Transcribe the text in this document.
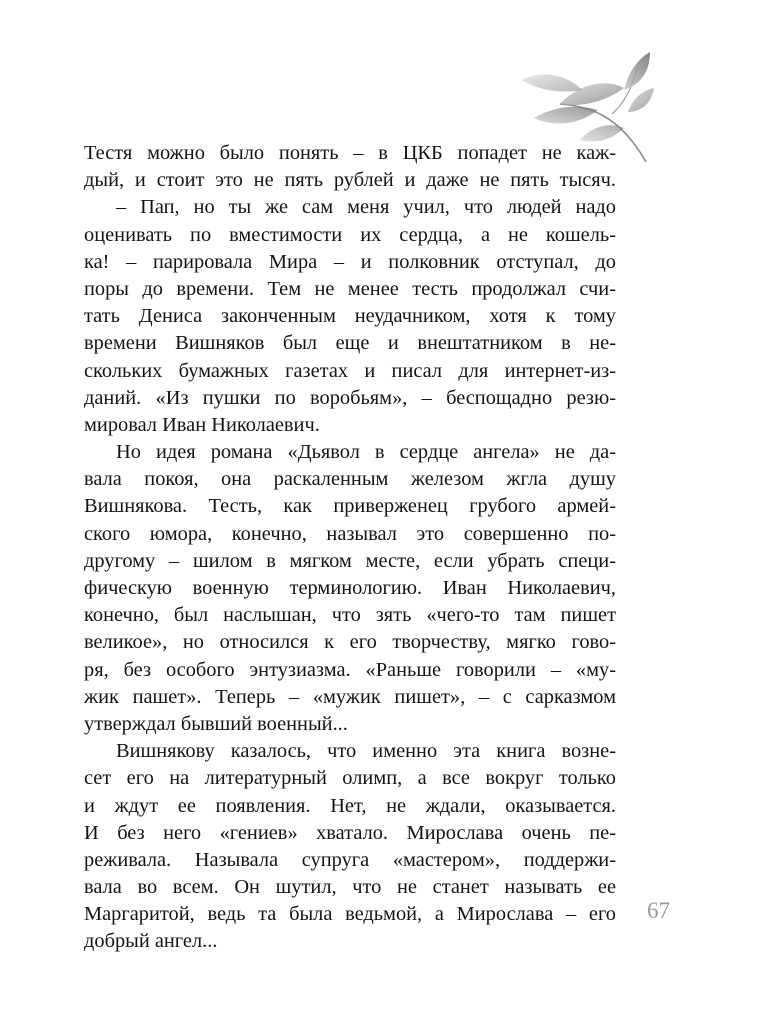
Тестя можно было понять – в ЦКБ попадет не каж-
дый, и стоит это не пять рублей и даже не пять тысяч.

– Пап, но ты же сам меня учил, что людей надо
оценивать по вместимости их сердца, а не кошель-
ка! – парировала Мира – и полковник отступал, до
поры до времени. Тем не менее тесть продолжал счи-
тать Дениса законченным неудачником, хотя к тому
времени Вишняков был еще и внештатником в не-
скольких бумажных газетах и писал для интернет-из-
даний. «Из пушки по воробьям», – беспощадно резю-
мировал Иван Николаевич.

Но идея романа «Дьявол в сердце ангела» не да-
вала покоя, она раскаленным железом жгла душу
Вишнякова. Тесть, как приверженец грубого армей-
ского юмора, конечно, называл это совершенно по-
другому – шилом в мягком месте, если убрать специ-
фическую военную терминологию. Иван Николаевич,
конечно, был наслышан, что зять «чего-то там пишет
великое», но относился к его творчеству, мягко гово-
ря, без особого энтузиазма. «Раньше говорили – «му-
жик пашет». Теперь – «мужик пишет», – с сарказмом
утверждал бывший военный...

Вишнякову казалось, что именно эта книга вознe-
сет его на литературный олимп, а все вокруг только
и ждут ее появления. Нет, не ждали, оказывается.
И без него «гениев» хватало. Мирослава очень пе-
реживала. Называла супруга «мастером», поддержи-
вала во всем. Он шутил, что не станет называть ее
Маргаритой, ведь та была ведьмой, а Мирослава – его
добрый ангел...

67
